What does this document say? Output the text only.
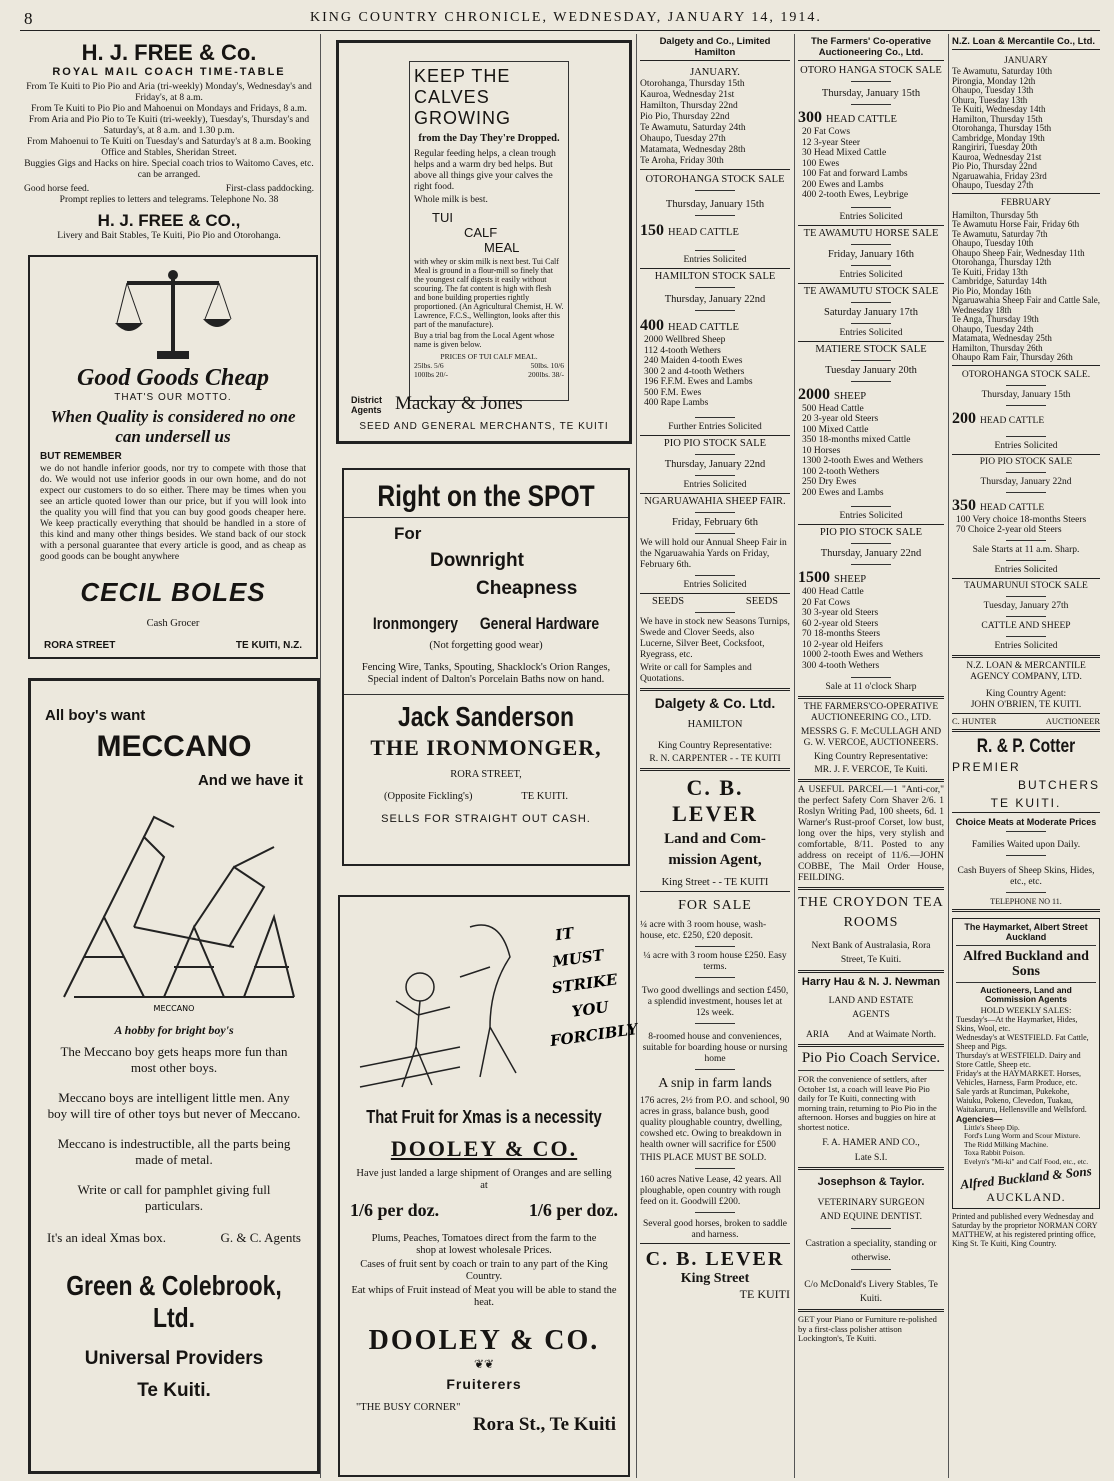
8	KING COUNTRY CHRONICLE, WEDNESDAY, JANUARY 14, 1914.
H. J. FREE & Co.
ROYAL MAIL COACH TIME-TABLE
From Te Kuiti to Pio Pio and Aria (tri-weekly) Monday's, Wednesday's and Friday's, at 8 a.m.
From Te Kuiti to Pio Pio and Mahoenui on Mondays and Fridays, 8 a.m.
From Aria and Pio Pio to Te Kuiti (tri-weekly), Tuesday's, Thursday's and Saturday's, at 8 a.m. and 1.30 p.m.
From Mahoenui to Te Kuiti on Tuesday's and Saturday's at 8 a.m. Booking Office and Stables, Sheridan Street.
Buggies Gigs and Hacks on hire. Special coach trios to Waitomo Caves, etc. can be arranged.
Good horse feed.	First-class paddocking.
Prompt replies to letters and telegrams. Telephone No. 38
H. J. FREE & CO.,
Livery and Bait Stables, Te Kuiti, Pio Pio and Otorohanga.
Good Goods Cheap
THAT'S OUR MOTTO.
When Quality is considered no one can undersell us
BUT REMEMBER
we do not handle inferior goods, nor try to compete with those that do. We would not use inferior goods in our own home, and do not expect our customers to do so either. There may be times when you see an article quoted lower than our price, but if you will look into the quality you will find that you can buy good goods cheaper here. We keep practically everything that should be handled in a store of this kind and many other things besides. We stand back of our stock with a personal guarantee that every article is good, and as cheap as good goods can be bought anywhere
CECIL BOLES
Cash Grocer
RORA STREET	TE KUITI, N.Z.
All boy's want
MECCANO
And we have it
MECCANO
A hobby for bright boy's
The Meccano boy gets heaps more fun than most other boys.
Meccano boys are intelligent little men. Any boy will tire of other toys but never of Meccano.
Meccano is indestructible, all the parts being made of metal.
Write or call for pamphlet giving full particulars.
It's an ideal Xmas box.	G. & C. Agents
Green & Colebrook, Ltd.
Universal Providers
Te Kuiti.
KEEP THE CALVES GROWING
from the Day They're Dropped.
Regular feeding helps, a clean trough helps and a warm dry bed helps. But above all things give your calves the right food.
Whole milk is best.
TUI
CALF
MEAL
with whey or skim milk is next best. Tui Calf Meal is ground in a flour-mill so finely that the youngest calf digests it easily without scouring. The fat content is high with flesh and bone building properties rightly proportioned. (An Agricultural Chemist, H. W. Lawrence, F.C.S., Wellington, looks after this part of the manufacture).
Buy a trial bag from the Local Agent whose name is given below.
PRICES OF TUI CALF MEAL.
25lbs. 5/6	50lbs. 10/6
100lbs 20/-	200lbs. 38/-
District Agents Mackay & Jones
SEED AND GENERAL MERCHANTS, TE KUITI
Right on the SPOT
For
Downright
Cheapness
Ironmongery General Hardware
(Not forgetting good wear)
Fencing Wire, Tanks, Spouting, Shacklock's Orion Ranges, Special indent of Dalton's Porcelain Baths now on hand.
Jack Sanderson
THE IRONMONGER,
RORA STREET,
(Opposite Fickling's)	TE KUITI.
SELLS FOR STRAIGHT OUT CASH.
ITMUSTSTRIKEYOUFORCIBLY
That Fruit for Xmas is a necessity
DOOLEY & CO.
Have just landed a large shipment of Oranges and are selling at
1/6 per doz.	1/6 per doz.
Plums, Peaches, Tomatoes direct from the farm to the shop at lowest wholesale Prices.
Cases of fruit sent by coach or train to any part of the King Country.
Eat whips of Fruit instead of Meat you will be able to stand the heat.
DOOLEY & CO.
❦❦
Fruiterers
"THE BUSY CORNER"
Rora St., Te Kuiti
Dalgety and Co., Limited Hamilton
JANUARY.
Otorohanga, Thursday 15th
Kauroa, Wednesday 21st
Hamilton, Thursday 22nd
Pio Pio, Thursday 22nd
Te Awamutu, Saturday 24th
Ohaupo, Tuesday 27th
Matamata, Wednesday 28th
Te Aroha, Friday 30th
OTOROHANGA STOCK SALE
Thursday, January 15th
150 HEAD CATTLE
Entries Solicited
HAMILTON STOCK SALE
Thursday, January 22nd
400 HEAD CATTLE
2000 Wellbred Sheep
112 4-tooth Wethers
240 Maiden 4-tooth Ewes
300 2 and 4-tooth Wethers
196 F.F.M. Ewes and Lambs
500 F.M. Ewes
400 Rape Lambs
Further Entries Solicited
PIO PIO STOCK SALE
Thursday, January 22nd
Entries Solicited
NGARUAWAHIA SHEEP FAIR.
Friday, February 6th
We will hold our Annual Sheep Fair in the Ngaruawahia Yards on Friday, February 6th.
Entries Solicited
SEEDS	SEEDS
We have in stock new Seasons Turnips, Swede and Clover Seeds, also Lucerne, Silver Beet, Cocksfoot, Ryegrass, etc.
Write or call for Samples and Quotations.
Dalgety & Co. Ltd.
HAMILTON
King Country Representative:
R. N. CARPENTER - - TE KUITI
C. B. LEVER
Land and Com-
mission Agent,
King Street - - TE KUITI
FOR SALE
¼ acre with 3 room house, wash-house, etc. £250, £20 deposit.
¼ acre with 3 room house £250. Easy terms.
Two good dwellings and section £450, a splendid investment, houses let at 12s week.
8-roomed house and conveniences, suitable for boarding house or nursing home
A snip in farm lands
176 acres, 2½ from P.O. and school, 90 acres in grass, balance bush, good quality ploughable country, dwelling, cowshed etc. Owing to breakdown in health owner will sacrifice for £500
THIS PLACE MUST BE SOLD.
160 acres Native Lease, 42 years. All ploughable, open country with rough feed on it. Goodwill £200.
Several good horses, broken to saddle and harness.
C. B. LEVER
King Street
TE KUITI
The Farmers' Co-operative Auctioneering Co., Ltd.
OTORO HANGA STOCK SALE
Thursday, January 15th
300 HEAD CATTLE
20 Fat Cows
12 3-year Steer
30 Head Mixed Cattle
100 Ewes
100 Fat and forward Lambs
200 Ewes and Lambs
400 2-tooth Ewes, Leybrige
Entries Solicited
TE AWAMUTU HORSE SALE
Friday, January 16th
Entries Solicited
TE AWAMUTU STOCK SALE
Saturday January 17th
Entries Solicited
MATIERE STOCK SALE
Tuesday January 20th
2000 SHEEP
500 Head Cattle
20 3-year old Steers
100 Mixed Cattle
350 18-months mixed Cattle
10 Horses
1300 2-tooth Ewes and Wethers
100 2-tooth Wethers
250 Dry Ewes
200 Ewes and Lambs
Entries Solicited
PIO PIO STOCK SALE
Thursday, January 22nd
1500 SHEEP
400 Head Cattle
20 Fat Cows
30 3-year old Steers
60 2-year old Steers
70 18-months Steers
10 2-year old Heifers
1000 2-tooth Ewes and Wethers
300 4-tooth Wethers
Sale at 11 o'clock Sharp
THE FARMERS'CO-OPERATIVE AUCTIONEERING CO., LTD.
MESSRS G. F. McCULLAGH AND G. W. VERCOE, AUCTIONEERS.
King Country Representative:
MR. J. F. VERCOE, Te Kuiti.
A USEFUL PARCEL—1 "Anti-cor," the perfect Safety Corn Shaver 2/6. 1 Roslyn Writing Pad, 100 sheets, 6d. 1 Warner's Rust-proof Corset, low bust, long over the hips, very stylish and comfortable, 8/11. Posted to any address on receipt of 11/6.—JOHN COBBE, The Mail Order House, FEILDING.
THE CROYDON TEA ROOMS
Next Bank of Australasia, Rora Street, Te Kuiti.
Harry Hau & N. J. Newman
LAND AND ESTATE AGENTS
ARIA And at Waimate North.
Pio Pio Coach Service.
FOR the convenience of settlers, after October 1st, a coach will leave Pio Pio daily for Te Kuiti, connecting with morning train, returning to Pio Pio in the afternoon. Horses and buggies on hire at shortest notice.
F. A. HAMER AND CO.,
Late S.I.
Josephson & Taylor.
VETERINARY SURGEON AND EQUINE DENTIST.
Castration a speciality, standing or otherwise.
C/o McDonald's Livery Stables, Te Kuiti.
GET your Piano or Furniture re-polished by a first-class polisher attison Lockington's, Te Kuiti.
N.Z. Loan & Mercantile Co., Ltd.
JANUARY
Te Awamutu, Saturday 10th
Pirongia, Monday 12th
Ohaupo, Tuesday 13th
Ohura, Tuesday 13th
Te Kuiti, Wednesday 14th
Hamilton, Thursday 15th
Otorohanga, Thursday 15th
Cambridge, Monday 19th
Rangiriri, Tuesday 20th
Kauroa, Wednesday 21st
Pio Pio, Thursday 22nd
Ngaruawahia, Friday 23rd
Ohaupo, Tuesday 27th
FEBRUARY
Hamilton, Thursday 5th
Te Awamutu Horse Fair, Friday 6th
Te Awamutu, Saturday 7th
Ohaupo, Tuesday 10th
Ohaupo Sheep Fair, Wednesday 11th
Otorohanga, Thursday 12th
Te Kuiti, Friday 13th
Cambridge, Saturday 14th
Pio Pio, Monday 16th
Ngaruawahia Sheep Fair and Cattle Sale, Wednesday 18th
Te Anga, Thursday 19th
Ohaupo, Tuesday 24th
Matamata, Wednesday 25th
Hamilton, Thursday 26th
Ohaupo Ram Fair, Thursday 26th
OTOROHANGA STOCK SALE.
Thursday, January 15th
200 HEAD CATTLE
Entries Solicited
PIO PIO STOCK SALE
Thursday, January 22nd
350 HEAD CATTLE
100 Very choice 18-months Steers
70 Choice 2-year old Steers
Sale Starts at 11 a.m. Sharp.
Entries Solicited
TAUMARUNUI STOCK SALE
Tuesday, January 27th
CATTLE AND SHEEP
Entries Solicited
N.Z. LOAN & MERCANTILE AGENCY COMPANY, LTD.
King Country Agent:
JOHN O'BRIEN, TE KUITI.
C. HUNTER	AUCTIONEER
R. & P. Cotter
PREMIER
BUTCHERS
TE KUITI.
Choice Meats at Moderate Prices
Families Waited upon Daily.
Cash Buyers of Sheep Skins, Hides, etc., etc.
TELEPHONE NO 11.
The Haymarket, Albert Street Auckland
Alfred Buckland and Sons
Auctioneers, Land and Commission Agents
HOLD WEEKLY SALES:
Tuesday's—At the Haymarket, Hides, Skins, Wool, etc.
Wednesday's at WESTFIELD. Fat Cattle, Sheep and Pigs.
Thursday's at WESTFIELD. Dairy and Store Cattle, Sheep etc.
Friday's at the HAYMARKET. Horses, Vehicles, Harness, Farm Produce, etc.
Sale yards at Runciman, Pukekohe, Waiuku, Pokeno, Clevedon, Tuakau, Waitakaruru, Hellensville and Wellsford.
Agencies—
Little's Sheep Dip.
Ford's Lung Worm and Scour Mixture.
The Ridd Milking Machine.
Toxa Rabbit Poison.
Evelyn's "Mi-ki" and Calf Food, etc., etc.
Alfred Buckland & Sons
AUCKLAND.
Printed and published every Wednesday and Saturday by the proprietor NORMAN CORY MATTHEW, at his registered printing office, King St. Te Kuiti, King Country.
